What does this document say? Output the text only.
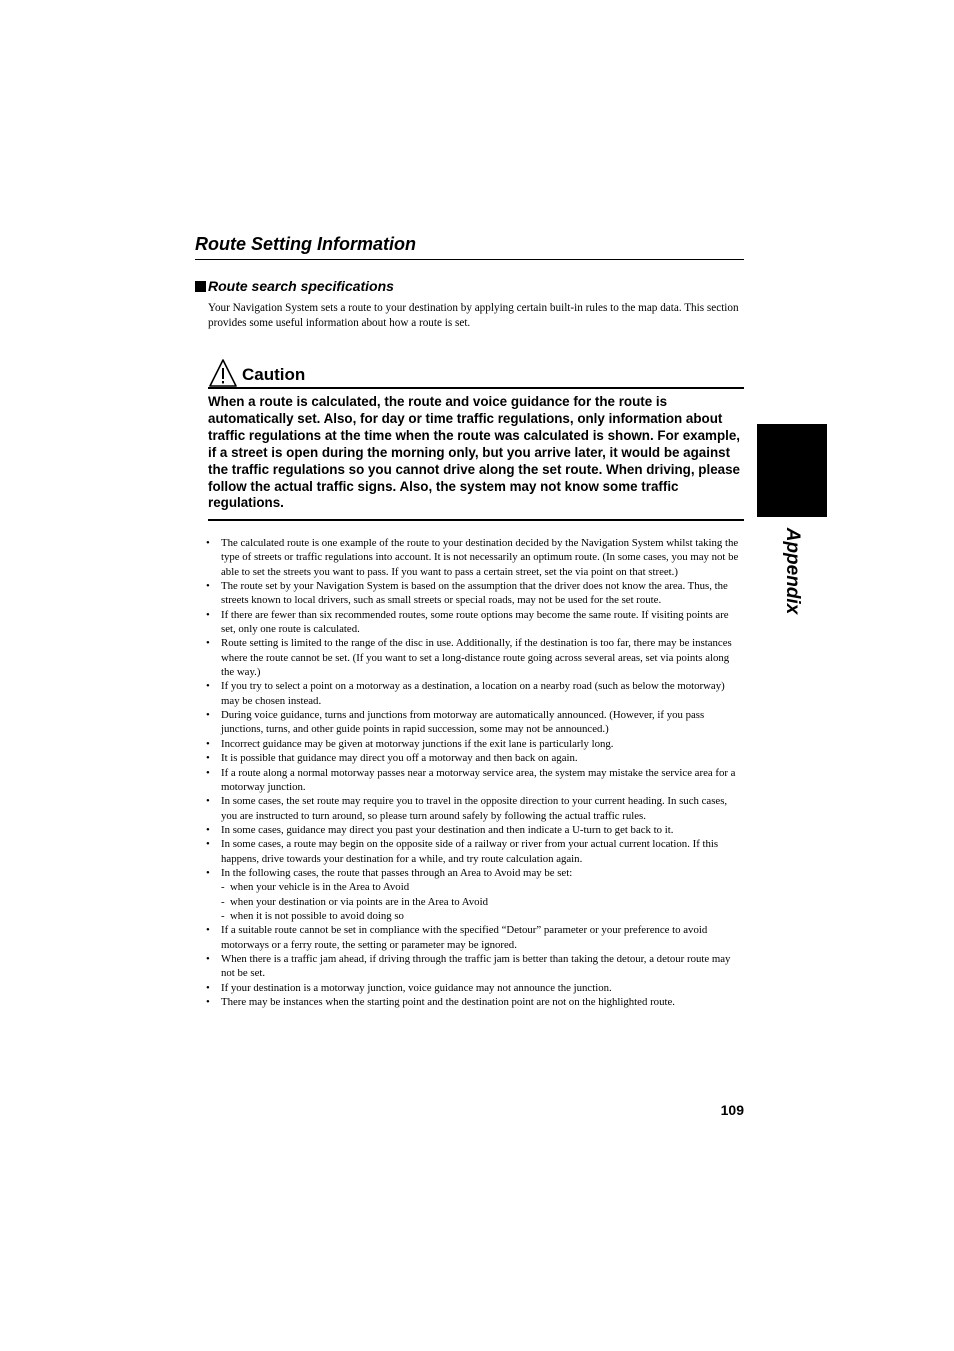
Route Setting Information
Route search specifications
Your Navigation System sets a route to your destination by applying certain built-in rules to the map data. This section provides some useful information about how a route is set.
Caution
When a route is calculated, the route and voice guidance for the route is automatically set. Also, for day or time traffic regulations, only information about traffic regulations at the time when the route was calculated is shown. For example, if a street is open during the morning only, but you arrive later, it would be against the traffic regulations so you cannot drive along the set route. When driving, please follow the actual traffic signs. Also, the system may not know some traffic regulations.
• The calculated route is one example of the route to your destination decided by the Navigation System whilst taking the type of streets or traffic regulations into account. It is not necessarily an optimum route. (In some cases, you may not be able to set the streets you want to pass. If you want to pass a certain street, set the via point on that street.)
• The route set by your Navigation System is based on the assumption that the driver does not know the area. Thus, the streets known to local drivers, such as small streets or special roads, may not be used for the set route.
• If there are fewer than six recommended routes, some route options may become the same route. If visiting points are set, only one route is calculated.
• Route setting is limited to the range of the disc in use. Additionally, if the destination is too far, there may be instances where the route cannot be set. (If you want to set a long-distance route going across several areas, set via points along the way.)
• If you try to select a point on a motorway as a destination, a location on a nearby road (such as below the motorway) may be chosen instead.
• During voice guidance, turns and junctions from motorway are automatically announced. (However, if you pass junctions, turns, and other guide points in rapid succession, some may not be announced.)
• Incorrect guidance may be given at motorway junctions if the exit lane is particularly long.
• It is possible that guidance may direct you off a motorway and then back on again.
• If a route along a normal motorway passes near a motorway service area, the system may mistake the service area for a motorway junction.
• In some cases, the set route may require you to travel in the opposite direction to your current heading. In such cases, you are instructed to turn around, so please turn around safely by following the actual traffic rules.
• In some cases, guidance may direct you past your destination and then indicate a U-turn to get back to it.
• In some cases, a route may begin on the opposite side of a railway or river from your actual current location. If this happens, drive towards your destination for a while, and try route calculation again.
• In the following cases, the route that passes through an Area to Avoid may be set:
-  when your vehicle is in the Area to Avoid
-  when your destination or via points are in the Area to Avoid
-  when it is not possible to avoid doing so
• If a suitable route cannot be set in compliance with the specified “Detour” parameter or your preference to avoid motorways or a ferry route, the setting or parameter may be ignored.
• When there is a traffic jam ahead, if driving through the traffic jam is better than taking the detour, a detour route may not be set.
• If your destination is a motorway junction, voice guidance may not announce the junction.
• There may be instances when the starting point and the destination point are not on the highlighted route.
109
Appendix
